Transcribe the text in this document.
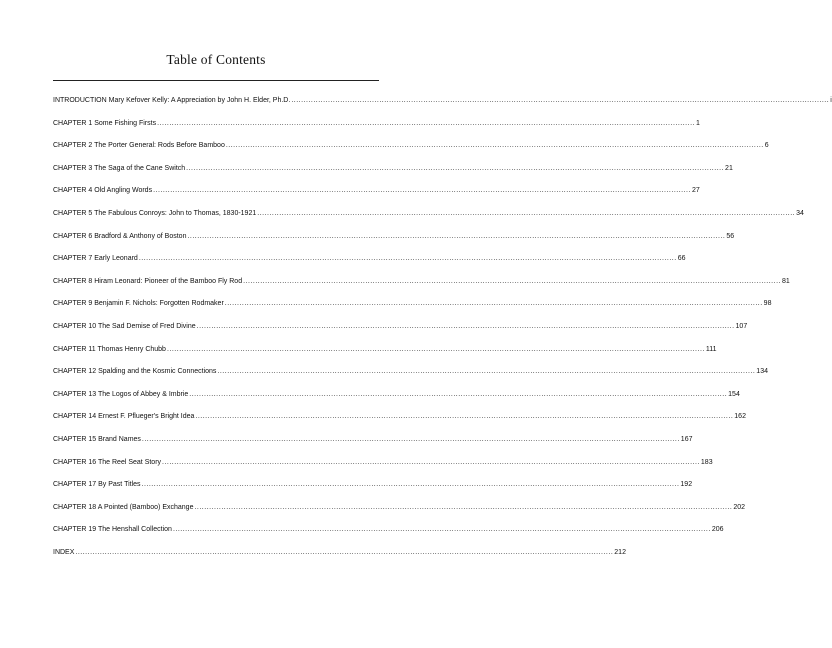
Table of Contents
INTRODUCTION Mary Kefover Kelly: A Appreciation by John H. Elder, Ph.D. ............................................................................................................................................................................................................................ i
CHAPTER 1 Some Fishing Firsts ............................................................................................................................................................................................................................ 1
CHAPTER 2 The Porter General: Rods Before Bamboo ............................................................................................................................................................................................................................ 6
CHAPTER 3 The Saga of the Cane Switch ............................................................................................................................................................................................................................ 21
CHAPTER 4 Old Angling Words ............................................................................................................................................................................................................................ 27
CHAPTER 5 The Fabulous Conroys: John to Thomas, 1830-1921 ............................................................................................................................................................................................................................ 34
CHAPTER 6 Bradford & Anthony of Boston ............................................................................................................................................................................................................................ 56
CHAPTER 7 Early Leonard ............................................................................................................................................................................................................................ 66
CHAPTER 8 Hiram Leonard: Pioneer of the Bamboo Fly Rod ............................................................................................................................................................................................................................ 81
CHAPTER 9 Benjamin F. Nichols: Forgotten Rodmaker ............................................................................................................................................................................................................................ 98
CHAPTER 10 The Sad Demise of Fred Divine ............................................................................................................................................................................................................................ 107
CHAPTER 11 Thomas Henry Chubb ............................................................................................................................................................................................................................ 111
CHAPTER 12 Spalding and the Kosmic Connections ............................................................................................................................................................................................................................ 134
CHAPTER 13 The Logos of Abbey & Imbrie ............................................................................................................................................................................................................................ 154
CHAPTER 14 Ernest F. Pflueger's Bright Idea ............................................................................................................................................................................................................................ 162
CHAPTER 15 Brand Names ............................................................................................................................................................................................................................ 167
CHAPTER 16 The Reel Seat Story ............................................................................................................................................................................................................................ 183
CHAPTER 17 By Past Titles ............................................................................................................................................................................................................................ 192
CHAPTER 18 A Pointed (Bamboo) Exchange ............................................................................................................................................................................................................................ 202
CHAPTER 19 The Henshall Collection ............................................................................................................................................................................................................................ 206
INDEX ............................................................................................................................................................................................................................ 212
